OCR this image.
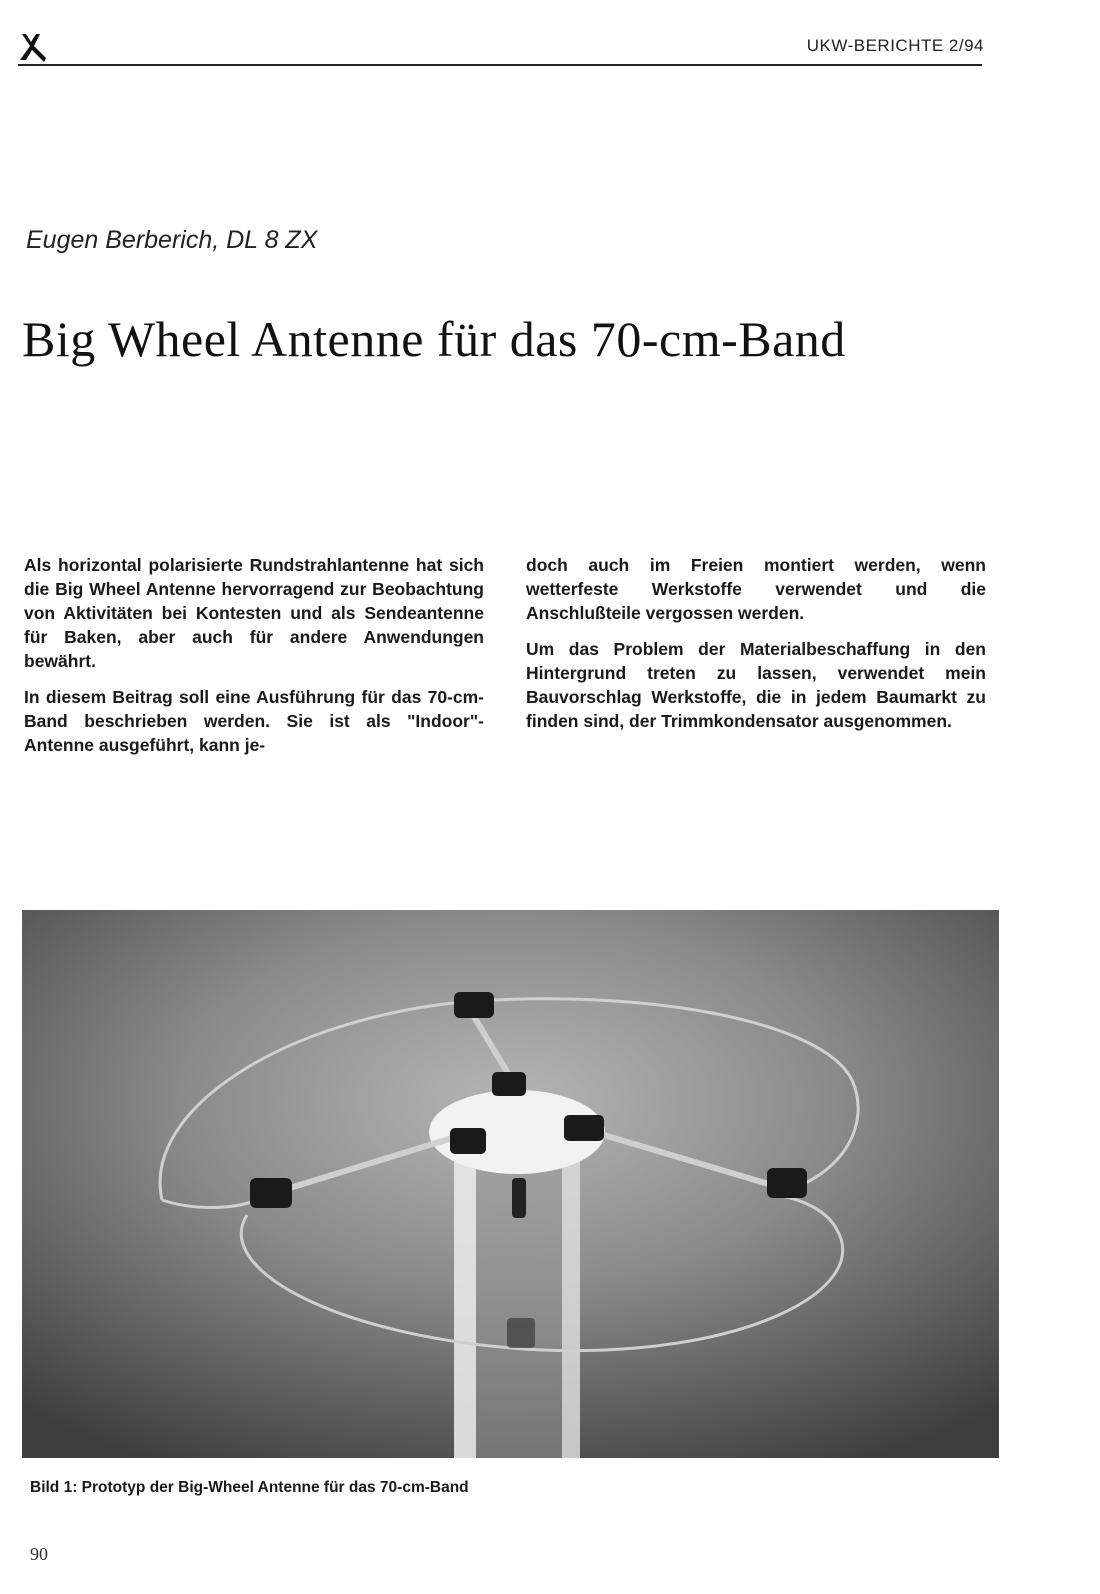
UKW-BERICHTE 2/94
Eugen Berberich, DL 8 ZX
Big Wheel Antenne für das 70-cm-Band

Als horizontal polarisierte Rundstrahlantenne hat sich die Big Wheel Antenne hervorragend zur Beobachtung von Aktivitäten bei Kontesten und als Sendeantenne für Baken, aber auch für andere Anwendungen bewährt.

In diesem Beitrag soll eine Ausführung für das 70-cm-Band beschrieben werden. Sie ist als "Indoor"-Antenne ausgeführt, kann je-

doch auch im Freien montiert werden, wenn wetterfeste Werkstoffe verwendet und die Anschlußteile vergossen werden.

Um das Problem der Materialbeschaffung in den Hintergrund treten zu lassen, verwendet mein Bauvorschlag Werkstoffe, die in jedem Baumarkt zu finden sind, der Trimmkondensator ausgenommen.

Bild 1: Prototyp der Big-Wheel Antenne für das 70-cm-Band
90
